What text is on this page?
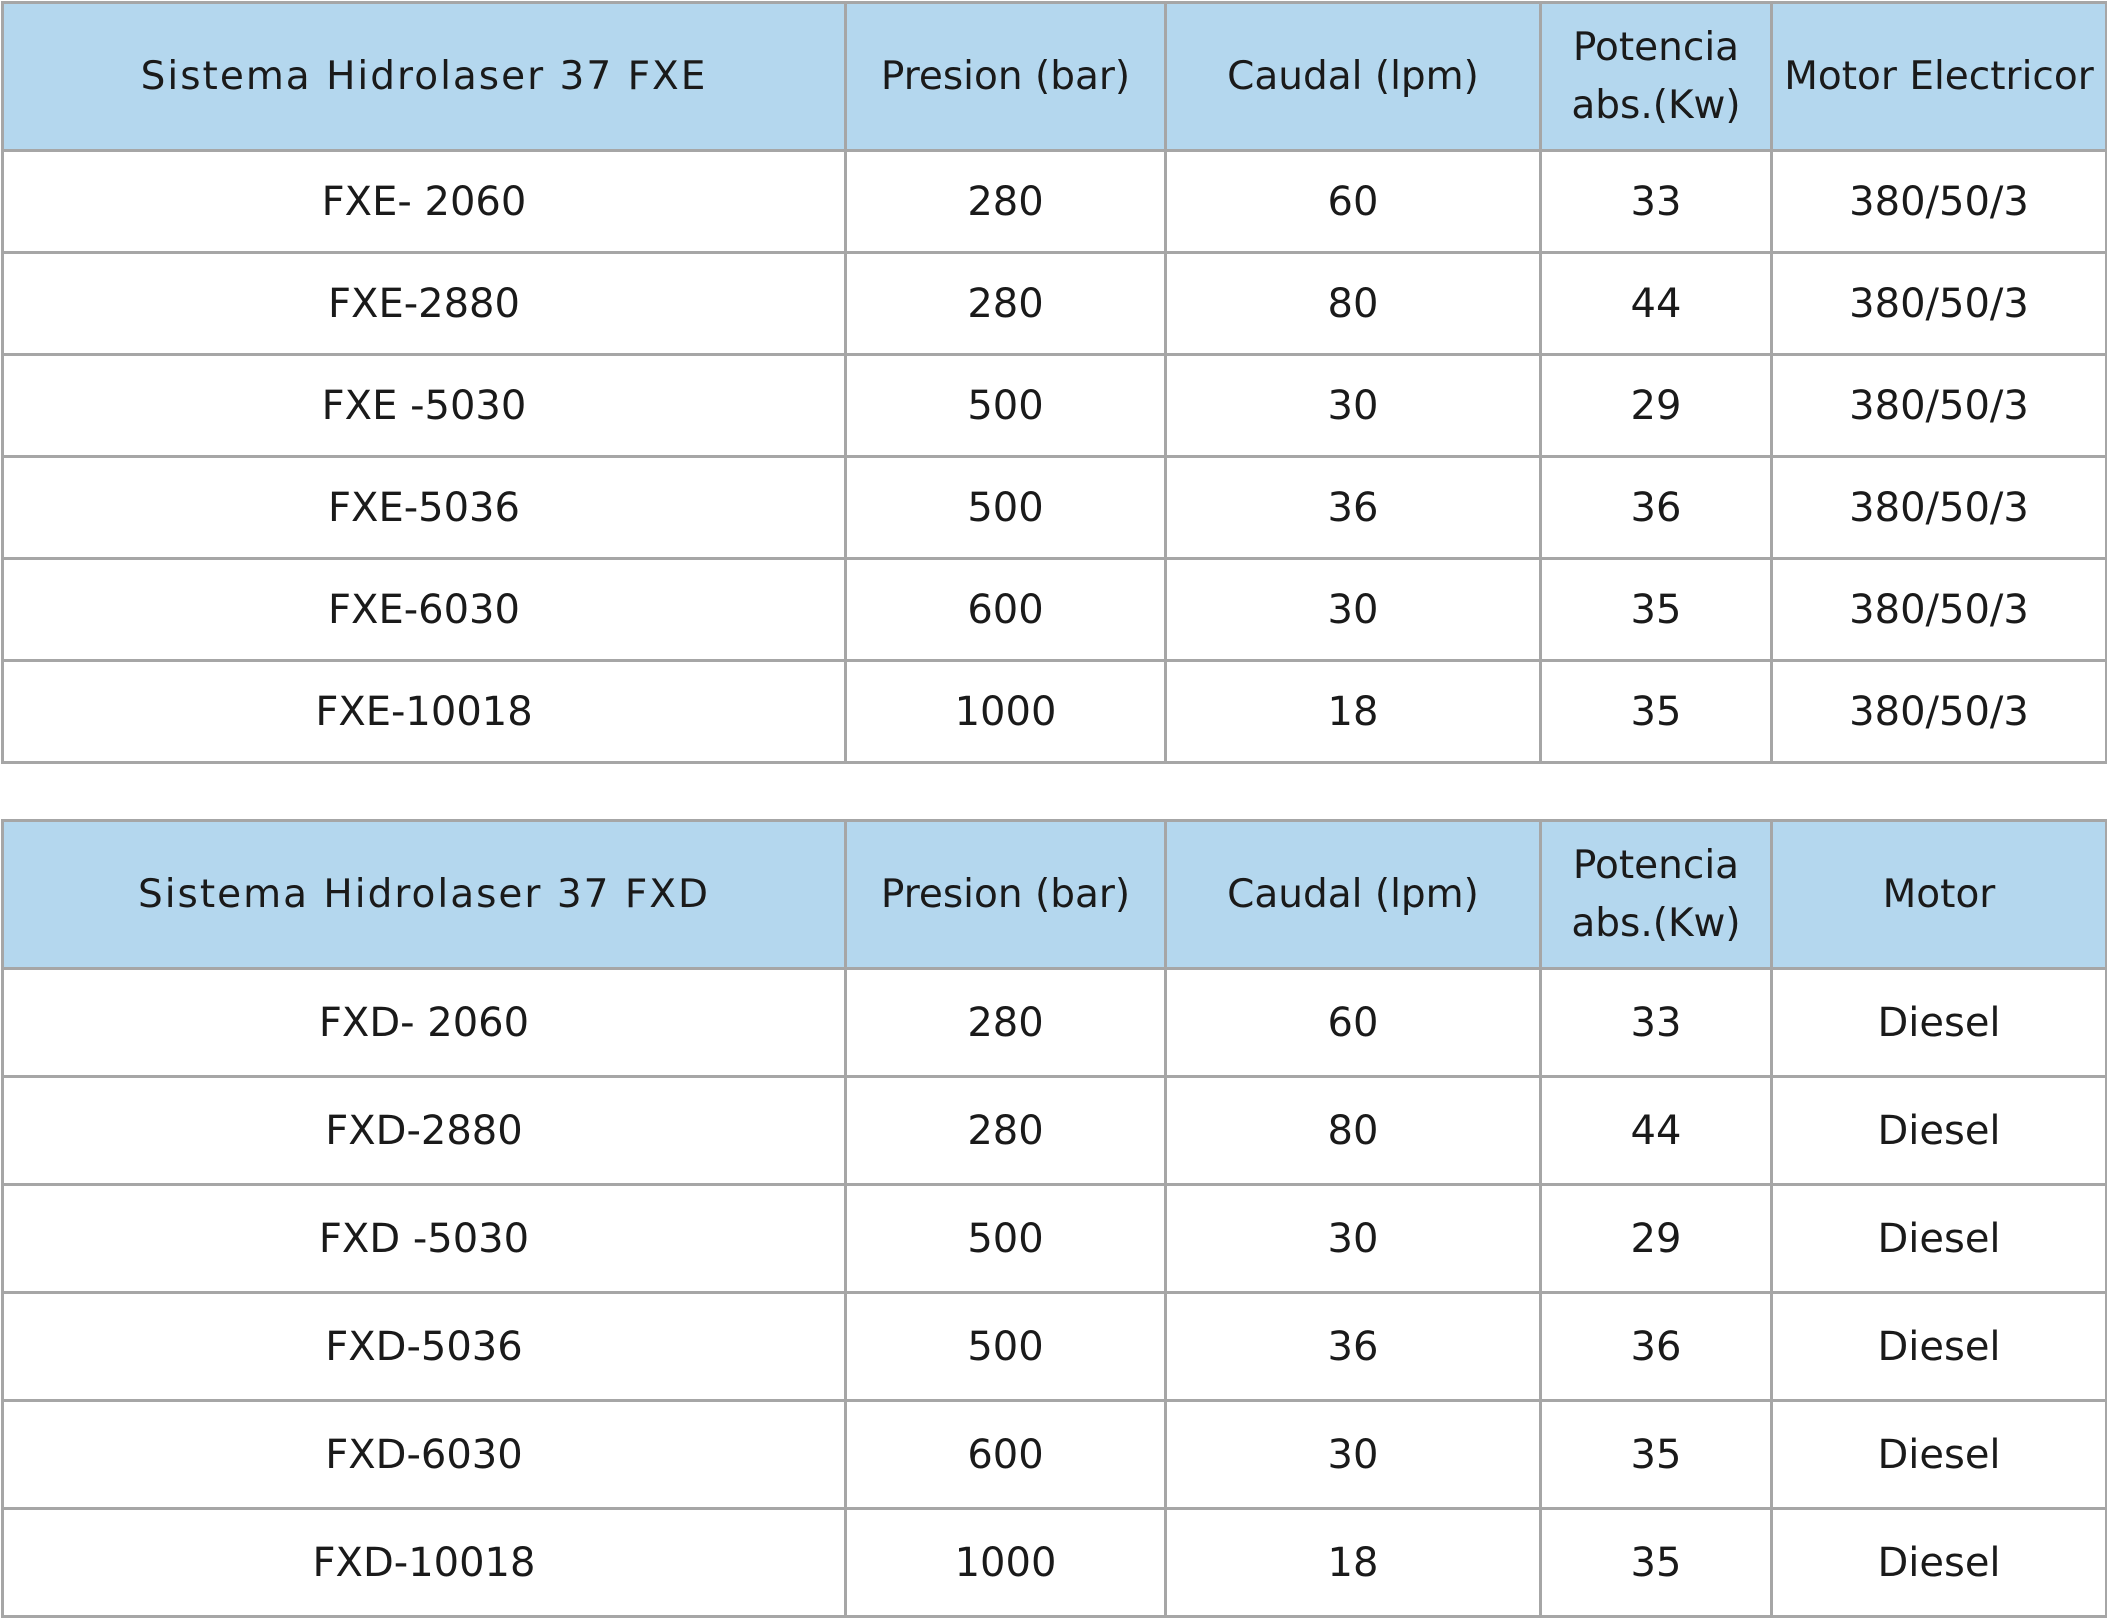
Sistema Hidrolaser 37 FXE	Presion (bar)	Caudal (lpm)	Potencia abs.(Kw)	Motor Electricor
FXE- 2060	280	60	33	380/50/3
FXE-2880	280	80	44	380/50/3
FXE -5030	500	30	29	380/50/3
FXE-5036	500	36	36	380/50/3
FXE-6030	600	30	35	380/50/3
FXE-10018	1000	18	35	380/50/3
Sistema Hidrolaser 37 FXD	Presion (bar)	Caudal (lpm)	Potencia abs.(Kw)	Motor
FXD- 2060	280	60	33	Diesel
FXD-2880	280	80	44	Diesel
FXD -5030	500	30	29	Diesel
FXD-5036	500	36	36	Diesel
FXD-6030	600	30	35	Diesel
FXD-10018	1000	18	35	Diesel
